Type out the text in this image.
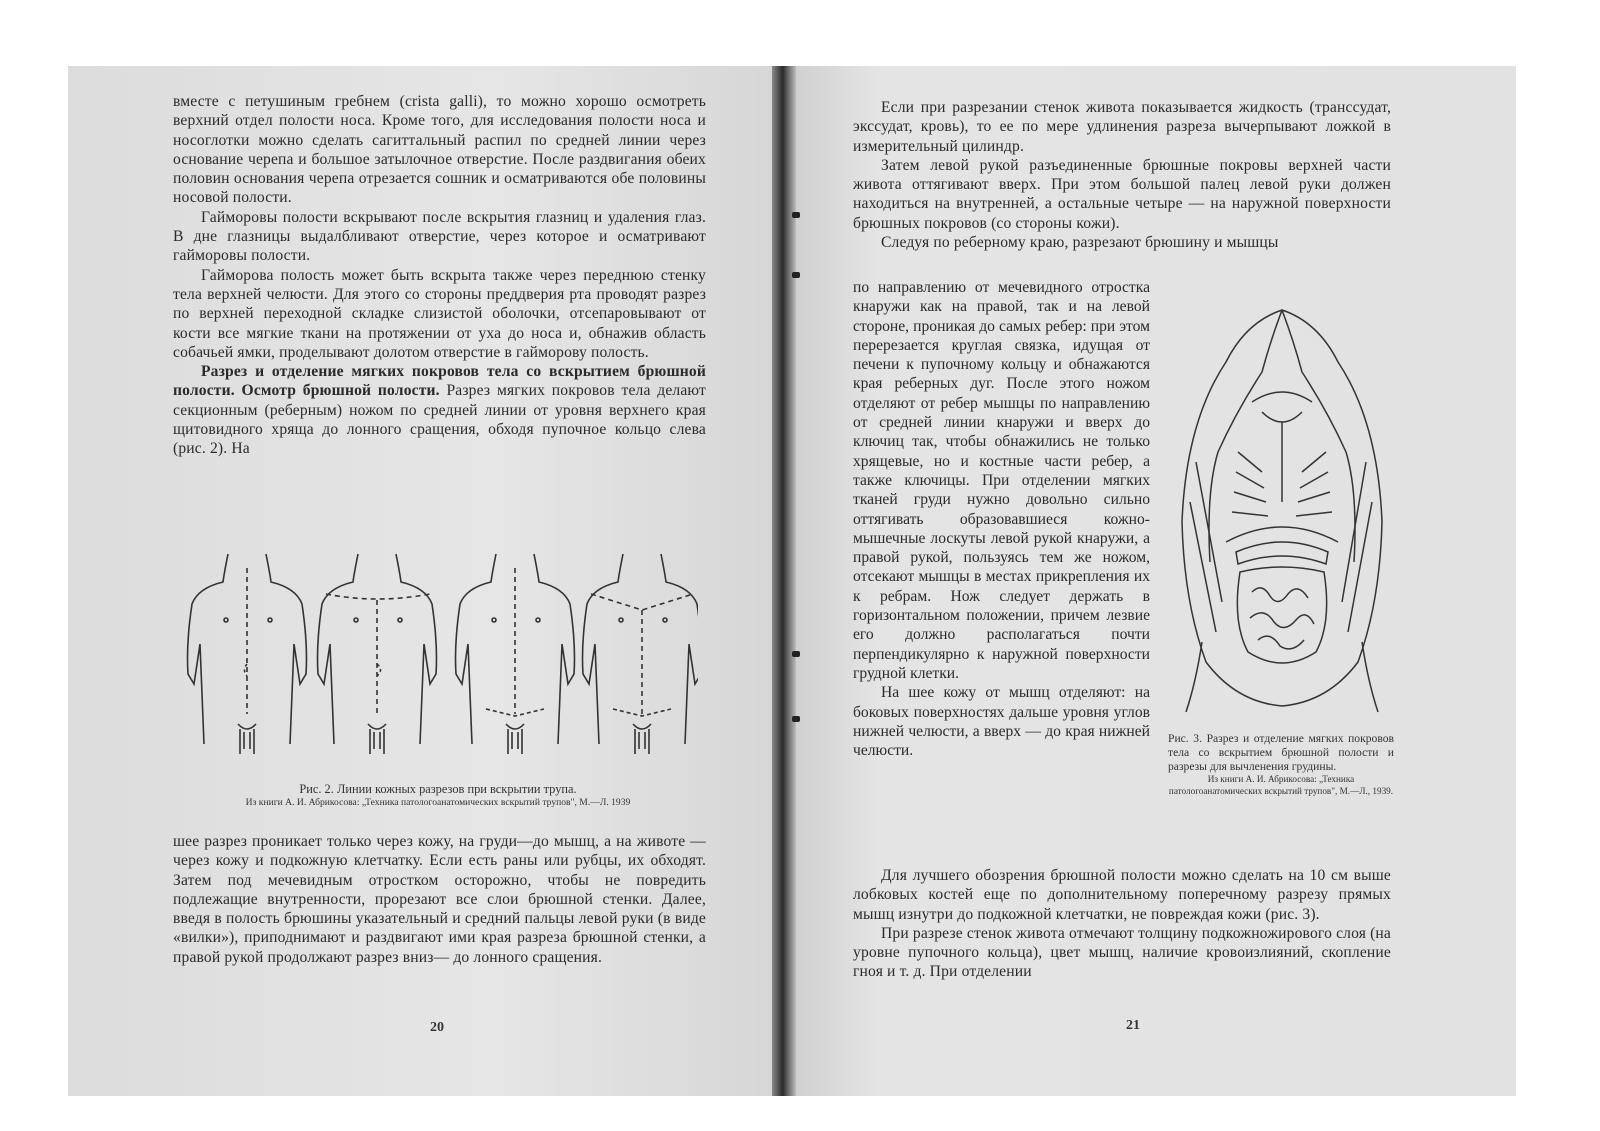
вместе с петушиным гребнем (crista galli), то можно хорошо осмотреть верхний отдел полости носа. Кроме того, для исследования полости носа и носоглотки можно сделать сагиттальный распил по средней линии через основание черепа и большое затылочное отверстие. После раздвигания обеих половин основания черепа отрезается сошник и осматриваются обе половины носовой полости.

Гайморовы полости вскрывают после вскрытия глазниц и удаления глаз. В дне глазницы выдалбливают отверстие, через которое и осматривают гайморовы полости.

Гайморова полость может быть вскрыта также через переднюю стенку тела верхней челюсти. Для этого со стороны преддверия рта проводят разрез по верхней переходной складке слизистой оболочки, отсепаровывают от кости все мягкие ткани на протяжении от уха до носа и, обнажив область собачьей ямки, проделывают долотом отверстие в гайморову полость.

Разрез и отделение мягких покровов тела со вскрытием брюшной полости. Осмотр брюшной полости. Разрез мягких покровов тела делают секционным (реберным) ножом по средней линии от уровня верхнего края щитовидного хряща до лонного сращения, обходя пупочное кольцо слева (рис. 2). На

Рис. 2. Линии кожных разрезов при вскрытии трупа.
Из книги А. И. Абрикосова: „Техника патологоанатомических вскрытий трупов", М.—Л. 1939

шее разрез проникает только через кожу, на груди—до мышц, а на животе — через кожу и подкожную клетчатку. Если есть раны или рубцы, их обходят. Затем под мечевидным отростком осторожно, чтобы не повредить подлежащие внутренности, прорезают все слои брюшной стенки. Далее, введя в полость брюшины указательный и средний пальцы левой руки (в виде «вилки»), приподнимают и раздвигают ими края разреза брюшной стенки, а правой рукой продолжают разрез вниз— до лонного сращения.

20

Если при разрезании стенок живота показывается жидкость (транссудат, экссудат, кровь), то ее по мере удлинения разреза вычерпывают ложкой в измерительный цилиндр.

Затем левой рукой разъединенные брюшные покровы верхней части живота оттягивают вверх. При этом большой палец левой руки должен находиться на внутренней, а остальные четыре — на наружной поверхности брюшных покровов (со стороны кожи).

Следуя по реберному краю, разрезают брюшину и мышцы

по направлению от мечевидного отростка кнаружи как на правой, так и на левой стороне, проникая до самых ребер: при этом перерезается круглая связка, идущая от печени к пупочному кольцу и обнажаются края реберных дуг. После этого ножом отделяют от ребер мышцы по направлению от средней линии кнаружи и вверх до ключиц так, чтобы обнажились не только хрящевые, но и костные части ребер, а также ключицы. При отделении мягких тканей груди нужно довольно сильно оттягивать образовавшиеся кожно-мышечные лоскуты левой рукой кнаружи, а правой рукой, пользуясь тем же ножом, отсекают мышцы в местах прикрепления их к ребрам. Нож следует держать в горизонтальном положении, причем лезвие его должно располагаться почти перпендикулярно к наружной поверхности грудной клетки.

На шее кожу от мышц отделяют: на боковых поверхностях дальше уровня углов нижней челюсти, а вверх — до края нижней челюсти.

Рис. 3. Разрез и отделение мягких покровов тела со вскрытием брюшной полости и разрезы для вычленения грудины.
Из книги А. И. Абрикосова: „Техника патологоанатомических вскрытий трупов", М.—Л., 1939.

Для лучшего обозрения брюшной полости можно сделать на 10 см выше лобковых костей еще по дополнительному поперечному разрезу прямых мышц изнутри до подкожной клетчатки, не повреждая кожи (рис. 3).

При разрезе стенок живота отмечают толщину подкожножирового слоя (на уровне пупочного кольца), цвет мышц, наличие кровоизлияний, скопление гноя и т. д. При отделении

21
